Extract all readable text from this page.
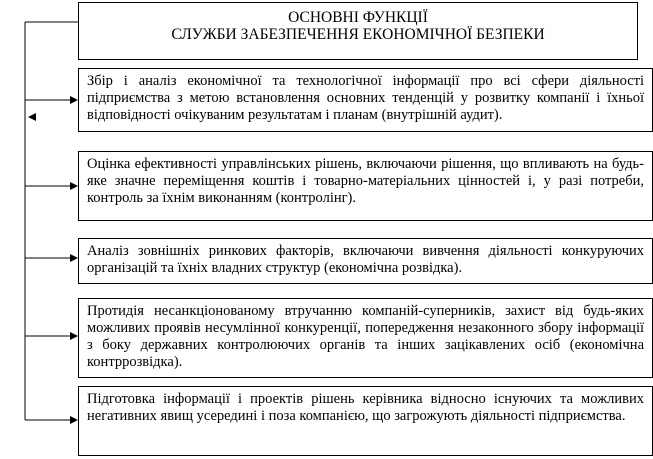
ОСНОВНІ ФУНКЦІЇ
СЛУЖБИ ЗАБЕЗПЕЧЕННЯ ЕКОНОМІЧНОЇ БЕЗПЕКИ
Збір і аналіз економічної та технологічної інформації про всі сфери діяльності підприємства з метою встановлення основних тенденцій у розвитку компанії і їхньої відповідності очікуваним результатам і планам (внутрішній аудит).
Оцінка ефективності управлінських рішень, включаючи рішення, що впливають на будь-яке значне переміщення коштів і товарно-матеріальних цінностей і, у разі потреби, контроль за їхнім виконанням (контролінг).
Аналіз зовнішніх ринкових факторів, включаючи вивчення діяльності конкуруючих організацій та їхніх владних структур (економічна розвідка).
Протидія несанкціонованому втручанню компаній-суперників, захист від будь-яких можливих проявів несумлінної конкуренції, попередження незаконного збору інформації з боку державних контролюючих органів та інших зацікавлених осіб (економічна контррозвідка).
Підготовка інформації і проектів рішень керівника відносно існуючих та можливих негативних явищ усередині і поза компанією, що загрожують діяльності підприємства.
